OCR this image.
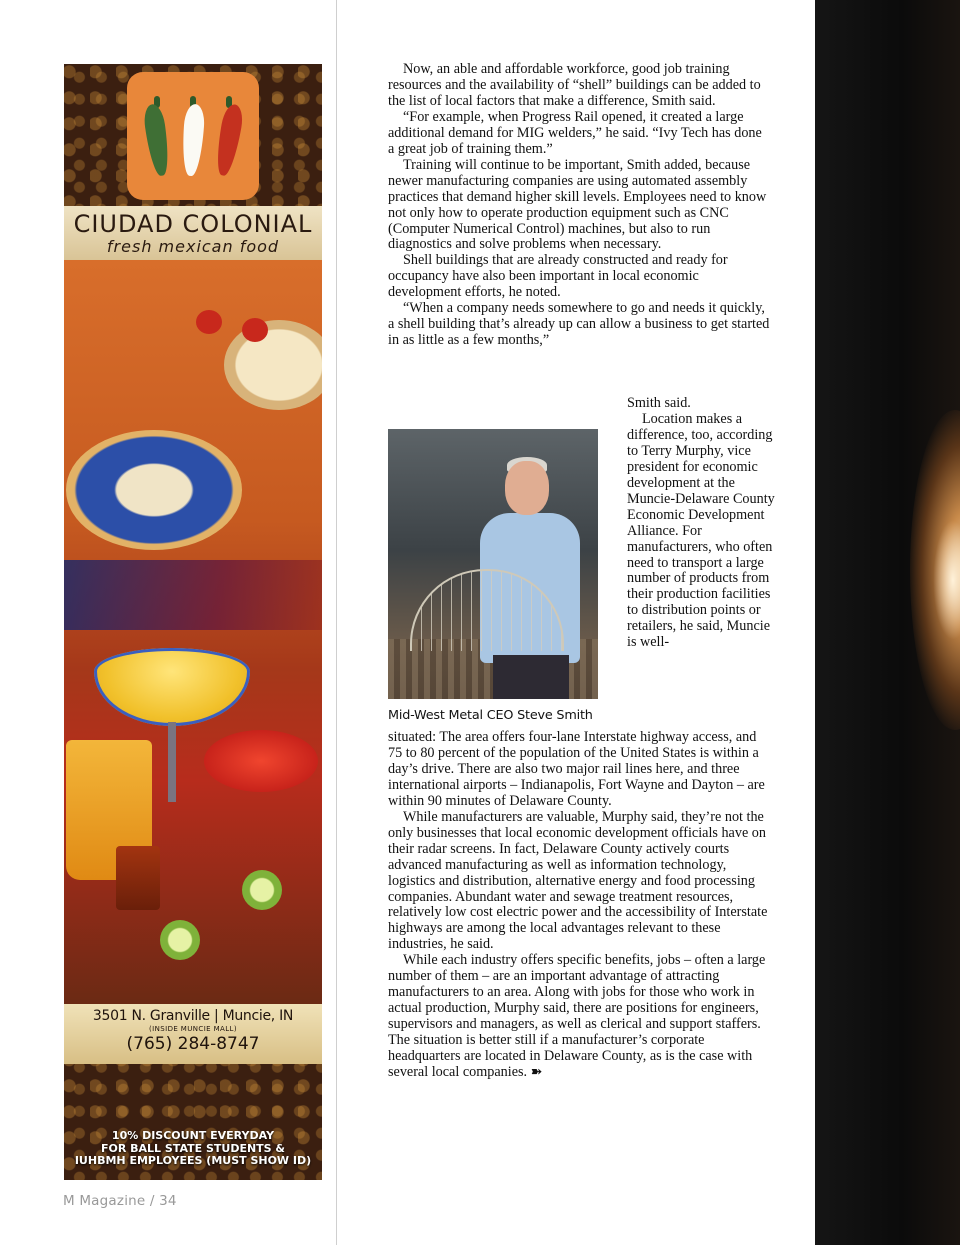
CIUDAD COLONIAL
fresh mexican food
3501 N. Granville | Muncie, IN
(INSIDE MUNCIE MALL)
(765) 284-8747
10% DISCOUNT EVERYDAY
FOR BALL STATE STUDENTS &
IUHBMH EMPLOYEES (MUST SHOW ID)
M Magazine / 34

Now, an able and affordable workforce, good job training resources and the availability of “shell” buildings can be added to the list of local factors that make a difference, Smith said.

“For example, when Progress Rail opened, it created a large additional demand for MIG welders,” he said. “Ivy Tech has done a great job of training them.”

Training will continue to be important, Smith added, because newer manufacturing companies are using automated assembly practices that demand higher skill levels. Employees need to know not only how to operate production equipment such as CNC (Computer Numerical Control) machines, but also to run diagnostics and solve problems when necessary.

Shell buildings that are already constructed and ready for occupancy have also been important in local economic development efforts, he noted.

“When a company needs somewhere to go and needs it quickly, a shell building that’s already up can allow a business to get started in as little as a few months,”

Smith said.

Location makes a difference, too, according to Terry Murphy, vice president for economic development at the Muncie-Delaware County Economic Development Alliance. For manufacturers, who often need to transport a large number of products from their production facilities to distribution points or retailers, he said, Muncie is well-

Mid-West Metal CEO Steve Smith

situated: The area offers four-lane Interstate highway access, and 75 to 80 percent of the population of the United States is within a day’s drive. There are also two major rail lines here, and three international airports – Indianapolis, Fort Wayne and Dayton – are within 90 minutes of Delaware County.

While manufacturers are valuable, Murphy said, they’re not the only businesses that local economic development officials have on their radar screens. In fact, Delaware County actively courts advanced manufacturing as well as information technology, logistics and distribution, alternative energy and food processing companies. Abundant water and sewage treatment resources, relatively low cost electric power and the accessibility of Interstate highways are among the local advantages relevant to these industries, he said.

While each industry offers specific benefits, jobs – often a large number of them – are an important advantage of attracting manufacturers to an area. Along with jobs for those who work in actual production, Murphy said, there are positions for engineers, supervisors and managers, as well as clerical and support staffers. The situation is better still if a manufacturer’s corporate headquarters are located in Delaware County, as is the case with several local companies. ➽
